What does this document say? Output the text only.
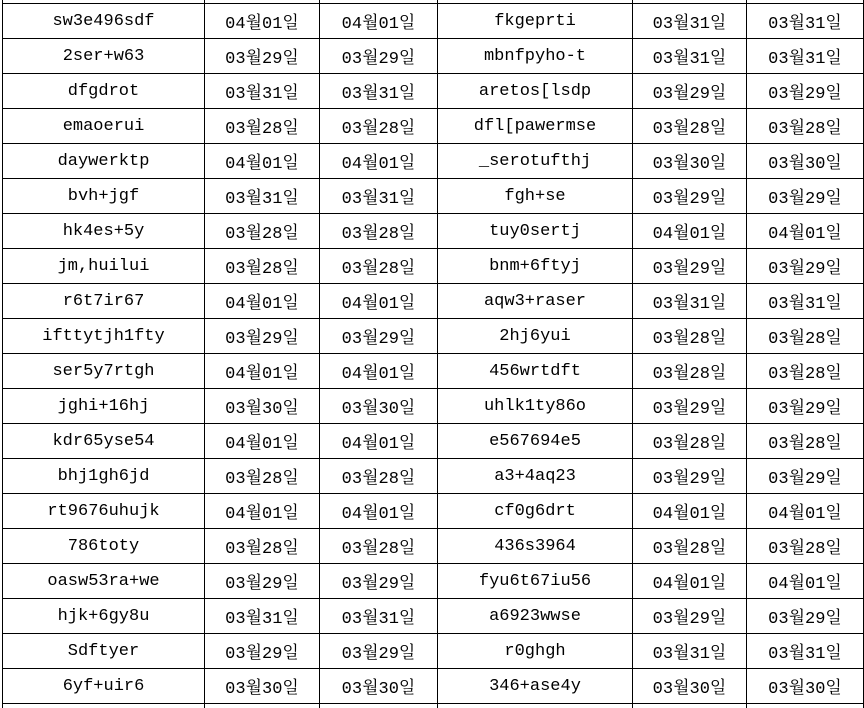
sw3e496sdf	04월01일	04월01일	fkgeprti	03월31일	03월31일
2ser+w63	03월29일	03월29일	mbnfpyho-t	03월31일	03월31일
dfgdrot	03월31일	03월31일	aretos[lsdp	03월29일	03월29일
emaoerui	03월28일	03월28일	dfl[pawermse	03월28일	03월28일
daywerktp	04월01일	04월01일	_serotufthj	03월30일	03월30일
bvh+jgf	03월31일	03월31일	fgh+se	03월29일	03월29일
hk4es+5y	03월28일	03월28일	tuy0sertj	04월01일	04월01일
jm,huilui	03월28일	03월28일	bnm+6ftyj	03월29일	03월29일
r6t7ir67	04월01일	04월01일	aqw3+raser	03월31일	03월31일
ifttytjh1fty	03월29일	03월29일	2hj6yui	03월28일	03월28일
ser5y7rtgh	04월01일	04월01일	456wrtdft	03월28일	03월28일
jghi+16hj	03월30일	03월30일	uhlk1ty86o	03월29일	03월29일
kdr65yse54	04월01일	04월01일	e567694e5	03월28일	03월28일
bhj1gh6jd	03월28일	03월28일	a3+4aq23	03월29일	03월29일
rt9676uhujk	04월01일	04월01일	cf0g6drt	04월01일	04월01일
786toty	03월28일	03월28일	436s3964	03월28일	03월28일
oasw53ra+we	03월29일	03월29일	fyu6t67iu56	04월01일	04월01일
hjk+6gy8u	03월31일	03월31일	a6923wwse	03월29일	03월29일
Sdftyer	03월29일	03월29일	r0ghgh	03월31일	03월31일
6yf+uir6	03월30일	03월30일	346+ase4y	03월30일	03월30일
